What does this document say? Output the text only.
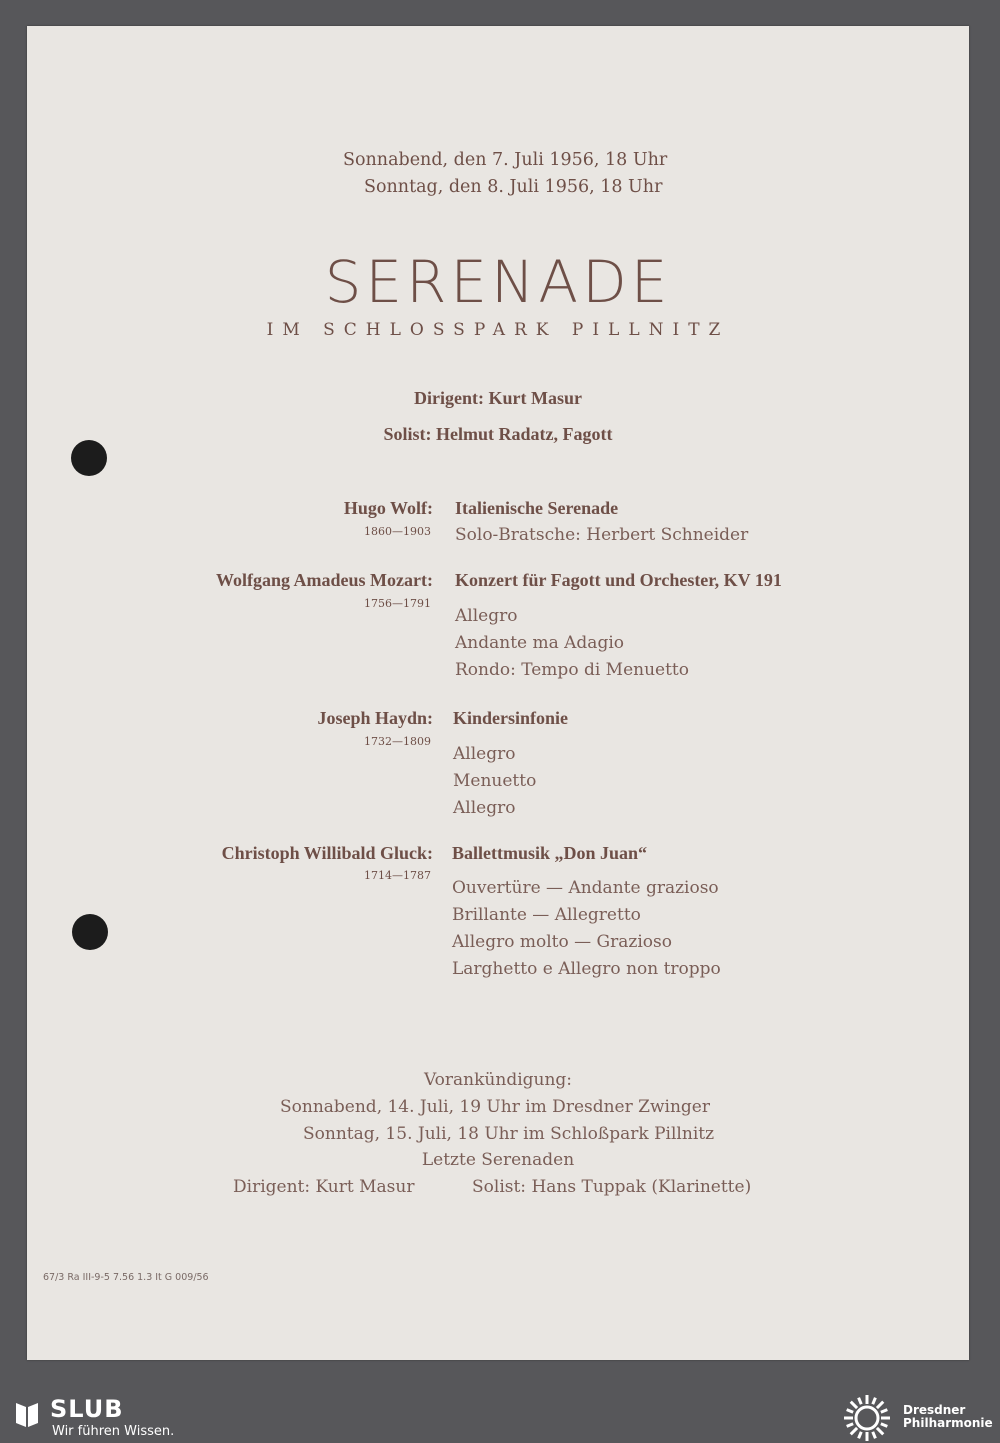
Sonnabend, den 7. Juli 1956, 18 Uhr
Sonntag, den 8. Juli 1956, 18 Uhr
SERENADE
IM SCHLOSSPARK PILLNITZ
Dirigent: Kurt Masur
Solist: Helmut Radatz, Fagott
Hugo Wolf:
1860—1903
Italienische Serenade
Solo-Bratsche: Herbert Schneider
Wolfgang Amadeus Mozart:
1756—1791
Konzert für Fagott und Orchester, KV 191
Allegro
Andante ma Adagio
Rondo: Tempo di Menuetto
Joseph Haydn:
1732—1809
Kindersinfonie
Allegro
Menuetto
Allegro
Christoph Willibald Gluck:
1714—1787
Ballettmusik „Don Juan“
Ouvertüre — Andante grazioso
Brillante — Allegretto
Allegro molto — Grazioso
Larghetto e Allegro non troppo
Vorankündigung:
Sonnabend, 14. Juli, 19 Uhr im Dresdner Zwinger
Sonntag, 15. Juli, 18 Uhr im Schloßpark Pillnitz
Letzte Serenaden
Dirigent: Kurt Masur	Solist: Hans Tuppak (Klarinette)
67/3 Ra III-9-5 7.56 1.3 It G 009/56
SLUB
Wir führen Wissen.
Dresdner
Philharmonie
